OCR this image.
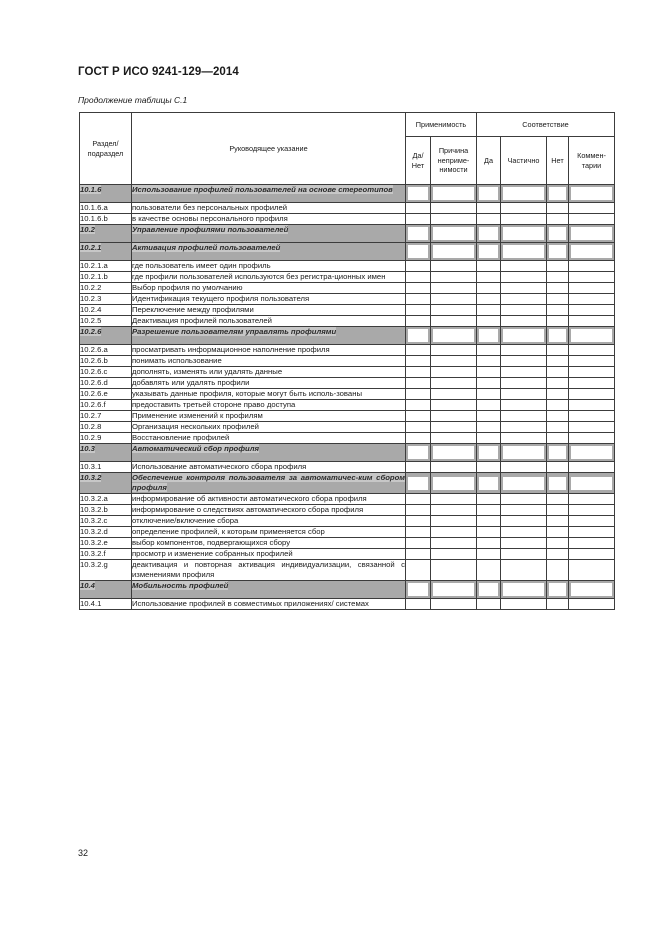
ГОСТ Р ИСО 9241-129—2014
Продолжение таблицы С.1
Раздел/ подраздел	Руководящее указание	Применимость		Соответствие			
		Да/ Нет	Причина непримe-нимости	Да	Частично	Нет	Коммен-тарии
10.1.6	Использование профилей пользователей на основе стереотипов	

10.1.6.a	пользователи без персональных профилей						
10.1.6.b	в качестве основы персонального профиля						
10.2	Управление профилями пользователей	

10.2.1	Активация профилей пользователей	

10.2.1.a	где пользователь имеет один профиль						
10.2.1.b	где профили пользователей используются без регистра-ционных имен						
10.2.2	Выбор профиля по умолчанию						
10.2.3	Идентификация текущего профиля пользователя						
10.2.4	Переключение между профилями						
10.2.5	Деактивация профилей пользователей						
10.2.6	Разрешение пользователям управлять профилями	

10.2.6.a	просматривать информационное наполнение профиля						
10.2.6.b	понимать использование						
10.2.6.c	дополнять, изменять или удалять данные						
10.2.6.d	добавлять или удалять профили						
10.2.6.e	указывать данные профиля, которые могут быть исполь-зованы						
10.2.6.f	предоставить третьей стороне право доступа						
10.2.7	Применение изменений к профилям						
10.2.8	Организация нескольких профилей						
10.2.9	Восстановление профилей						
10.3	Автоматический сбор профиля	

10.3.1	Использование автоматического сбора профиля						
10.3.2	Обеспечение контроля пользователя за автоматичес-ким сбором профиля	

10.3.2.a	информирование об активности автоматического сбора профиля						
10.3.2.b	информирование о следствиях автоматического сбора профиля						
10.3.2.c	отключение/включение сбора						
10.3.2.d	определение профилей, к которым применяется сбор						
10.3.2.e	выбор компонентов, подвергающихся сбору						
10.3.2.f	просмотр и изменение собранных профилей						
10.3.2.g	деактивация и повторная активация индивидуализации, связанной с изменениями профиля						
10.4	Мобильность профилей	

10.4.1	Использование профилей в совместимых приложениях/ системах						
32
